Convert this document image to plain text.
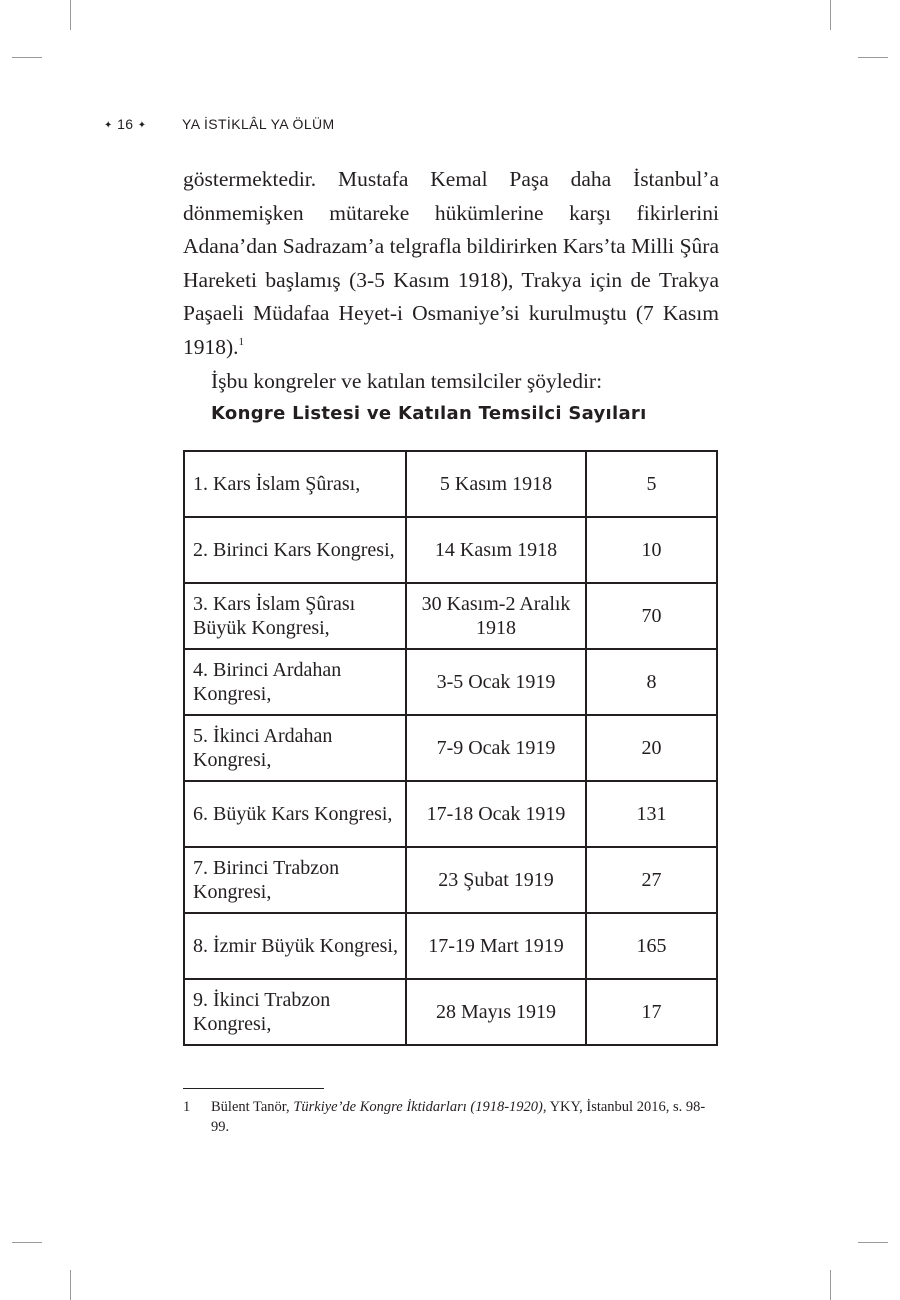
✦ 16 ✦	YA İSTİKLÂL YA ÖLÜM

göstermektedir. Mustafa Kemal Paşa daha İstanbul’a dönmemişken mütareke hükümlerine karşı fikirlerini Adana’dan Sadrazam’a telgrafla bildirirken Kars’ta Milli Şûra Hareketi başlamış (3-5 Kasım 1918), Trakya için de Trakya Paşaeli Müdafaa Heyet-i Osmaniye’si kurulmuştu (7 Kasım 1918).$^1$

İşbu kongreler ve katılan temsilciler şöyledir:

Kongre Listesi ve Katılan Temsilci Sayıları
1. Kars İslam Şûrası,	5 Kasım 1918	5
2. Birinci Kars Kongresi,	14 Kasım 1918	10
3. Kars İslam Şûrası Büyük Kongresi,	30 Kasım-2 Aralık 1918	70
4. Birinci Ardahan Kongresi,	3-5 Ocak 1919	8
5. İkinci Ardahan Kongresi,	7-9 Ocak 1919	20
6. Büyük Kars Kongresi,	17-18 Ocak 1919	131
7. Birinci Trabzon Kongresi,	23 Şubat 1919	27
8. İzmir Büyük Kongresi,	17-19 Mart 1919	165
9. İkinci Trabzon Kongresi,	28 Mayıs 1919	17
1	Bülent Tanör, Türkiye’de Kongre İktidarları (1918-1920), YKY, İstanbul 2016, s. 98-99.
